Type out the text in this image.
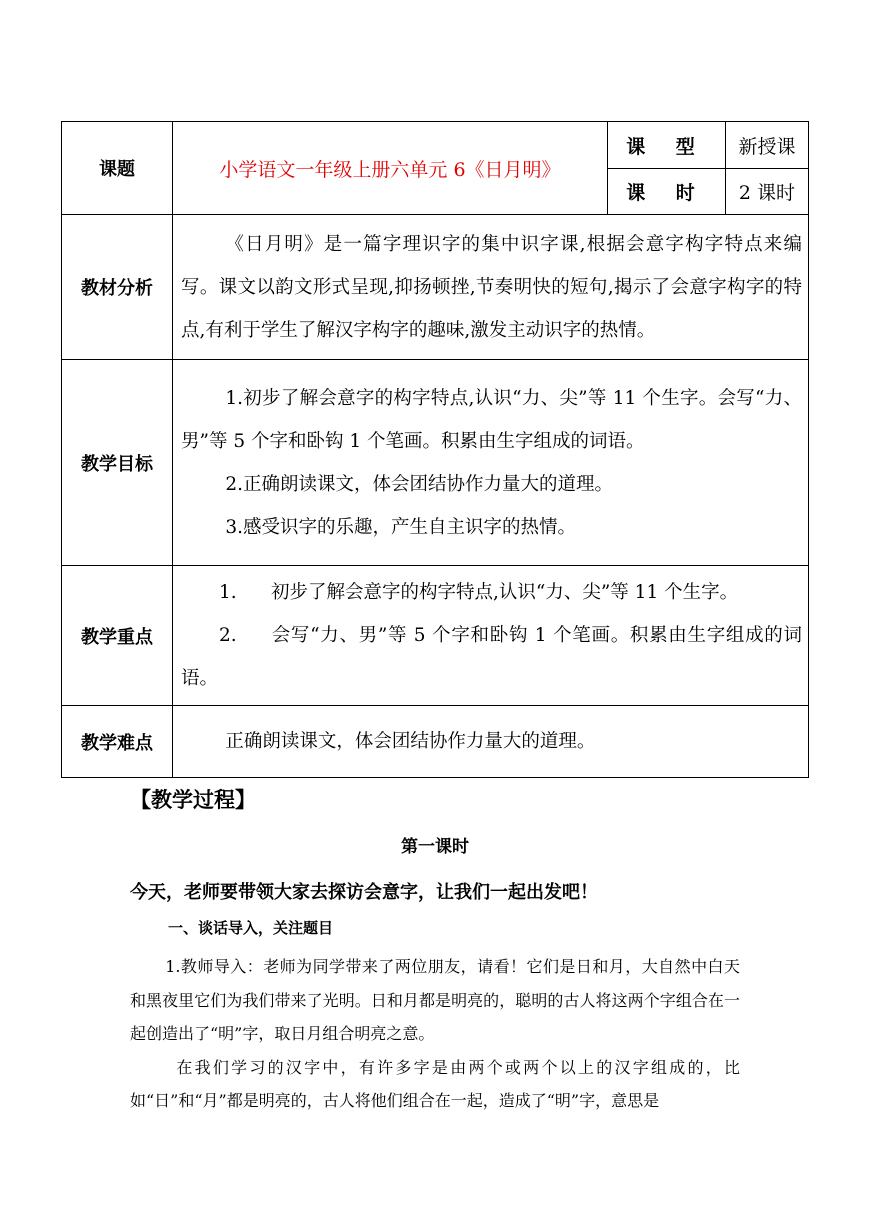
课题	小学语文一年级上册六单元 6《日月明》	课 型	新授课
		课 时	2 课时
教材分析	《日月明》是一篇字理识字的集中识字课,根据会意字构字特点来编写。课文以韵文形式呈现,抑扬顿挫,节奏明快的短句,揭示了会意字构字的特点,有利于学生了解汉字构字的趣味,激发主动识字的热情。		

教学目标	1.初步了解会意字的构字特点,认识“力、尖”等 11 个生字。会写“力、男”等 5 个字和卧钩 1 个笔画。积累由生字组成的词语。

2.正确朗读课文，体会团结协作力量大的道理。

3.感受识字的乐趣，产生自主识字的热情。		

教学重点	1. 初步了解会意字的构字特点,认识“力、尖”等 11 个生字。

2. 会写“力、男”等 5 个字和卧钩 1 个笔画。积累由生字组成的词语。		

教学难点	正确朗读课文，体会团结协作力量大的道理。		

【教学过程】
第一课时
今天，老师要带领大家去探访会意字，让我们一起出发吧！
一、谈话导入，关注题目

1.教师导入：老师为同学带来了两位朋友，请看！它们是日和月，大自然中白天和黑夜里它们为我们带来了光明。日和月都是明亮的，聪明的古人将这两个字组合在一起创造出了“明”字，取日月组合明亮之意。

在我们学习的汉字中，有许多字是由两个或两个以上的汉字组成的，比如“日”和“月”都是明亮的，古人将他们组合在一起，造成了“明”字，意思是
